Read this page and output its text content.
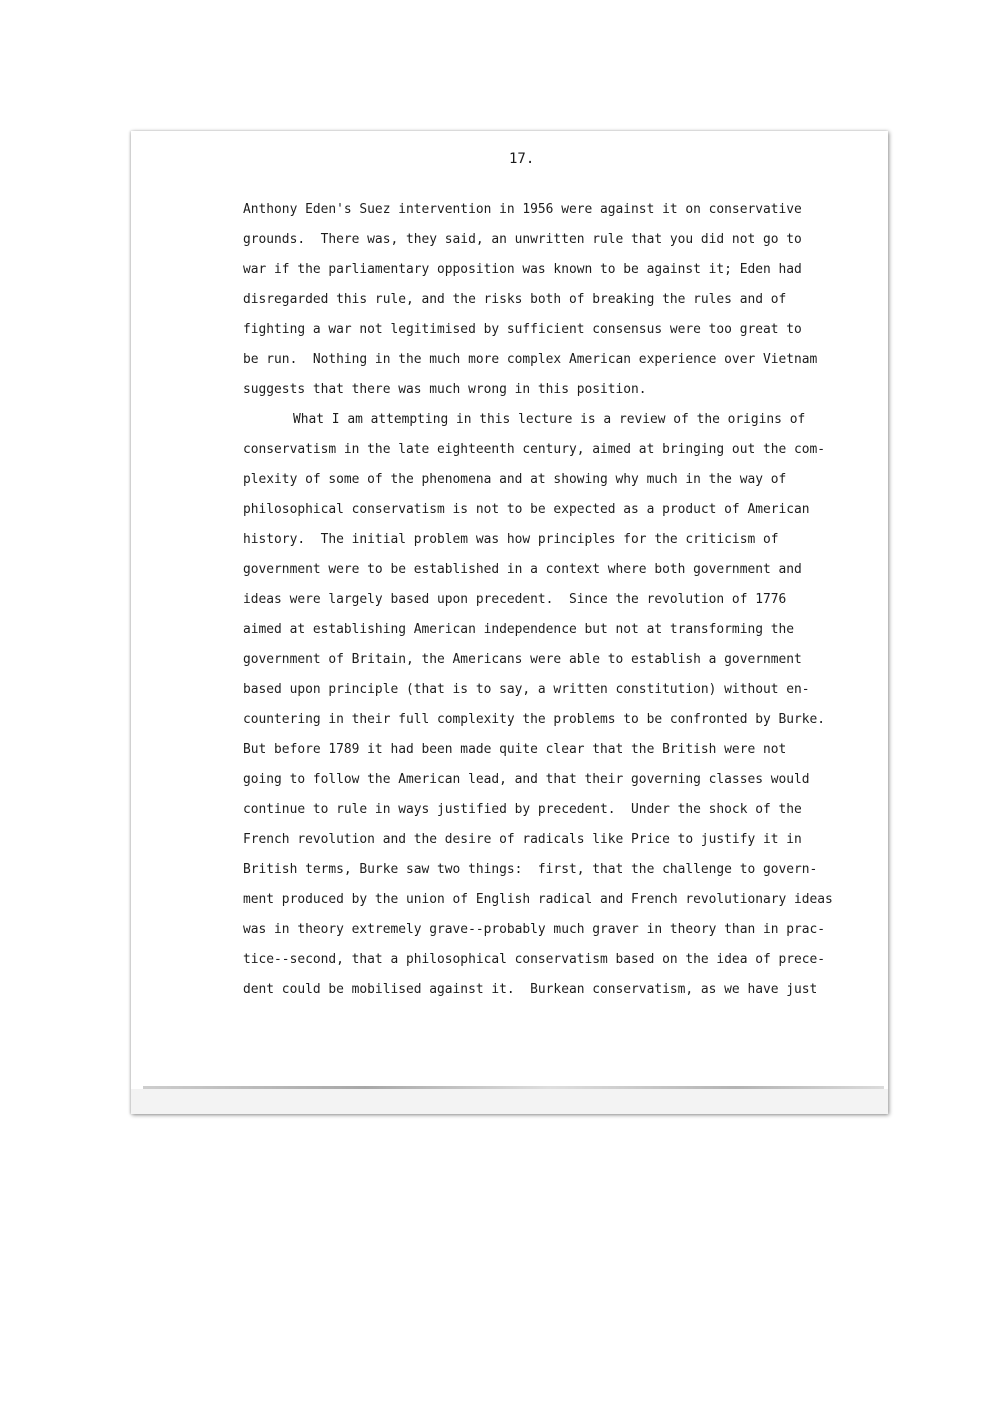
17.

Anthony Eden's Suez intervention in 1956 were against it on conservative

grounds.  There was, they said, an unwritten rule that you did not go to

war if the parliamentary opposition was known to be against it; Eden had

disregarded this rule, and the risks both of breaking the rules and of

fighting a war not legitimised by sufficient consensus were too great to

be run.  Nothing in the much more complex American experience over Vietnam

suggests that there was much wrong in this position.

What I am attempting in this lecture is a review of the origins of

conservatism in the late eighteenth century, aimed at bringing out the com-

plexity of some of the phenomena and at showing why much in the way of

philosophical conservatism is not to be expected as a product of American

history.  The initial problem was how principles for the criticism of

government were to be established in a context where both government and

ideas were largely based upon precedent.  Since the revolution of 1776

aimed at establishing American independence but not at transforming the

government of Britain, the Americans were able to establish a government

based upon principle (that is to say, a written constitution) without en-

countering in their full complexity the problems to be confronted by Burke.

But before 1789 it had been made quite clear that the British were not

going to follow the American lead, and that their governing classes would

continue to rule in ways justified by precedent.  Under the shock of the

French revolution and the desire of radicals like Price to justify it in

British terms, Burke saw two things:  first, that the challenge to govern-

ment produced by the union of English radical and French revolutionary ideas

was in theory extremely grave--probably much graver in theory than in prac-

tice--second, that a philosophical conservatism based on the idea of prece-

dent could be mobilised against it.  Burkean conservatism, as we have just
